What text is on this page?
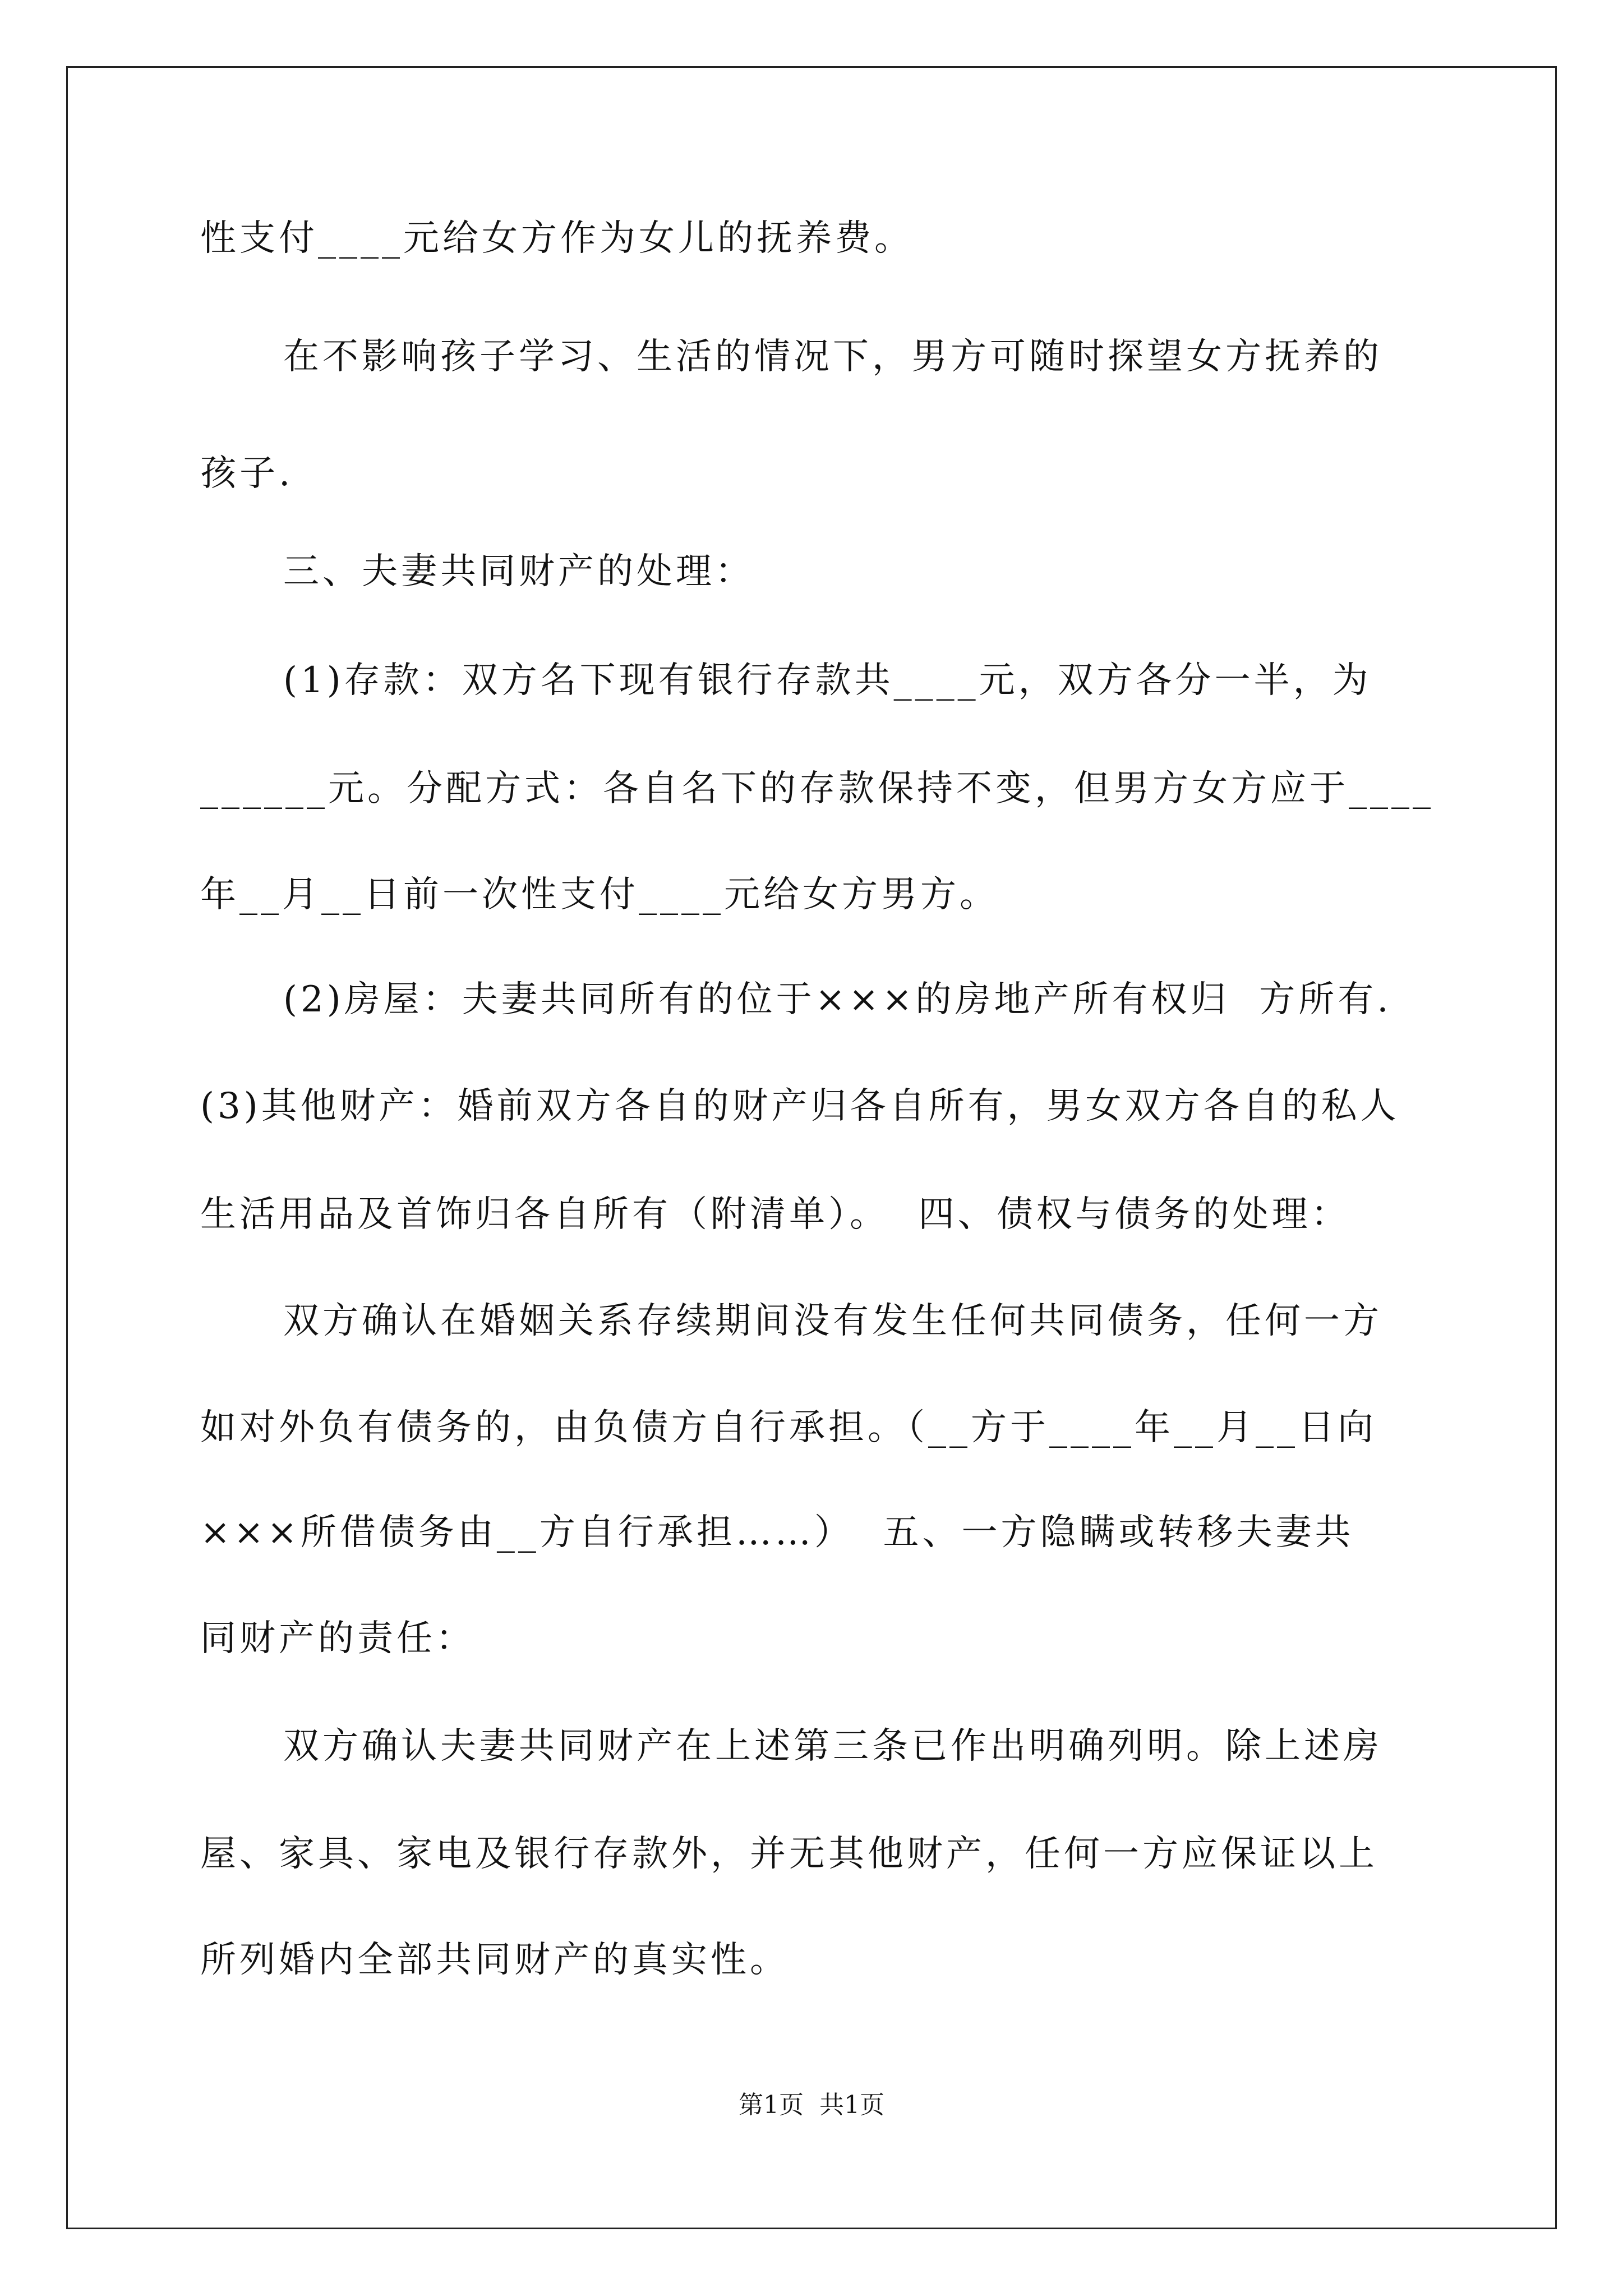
性支付____元给女方作为女儿的抚养费。
在不影响孩子学习、生活的情况下，男方可随时探望女方抚养的
孩子.
三、夫妻共同财产的处理：
(1)存款：双方名下现有银行存款共____元，双方各分一半，为
______元。分配方式：各自名下的存款保持不变，但男方女方应于____
年__月__日前一次性支付____元给女方男方。
(2)房屋：夫妻共同所有的位于×××的房地产所有权归  方所有.
(3)其他财产：婚前双方各自的财产归各自所有，男女双方各自的私人
生活用品及首饰归各自所有（附清单）。  四、债权与债务的处理：
双方确认在婚姻关系存续期间没有发生任何共同债务，任何一方
如对外负有债务的，由负债方自行承担。（__方于____年__月__日向
×××所借债务由__方自行承担……）  五、一方隐瞒或转移夫妻共
同财产的责任：
双方确认夫妻共同财产在上述第三条已作出明确列明。除上述房
屋、家具、家电及银行存款外，并无其他财产，任何一方应保证以上
所列婚内全部共同财产的真实性。
第1页  共1页
